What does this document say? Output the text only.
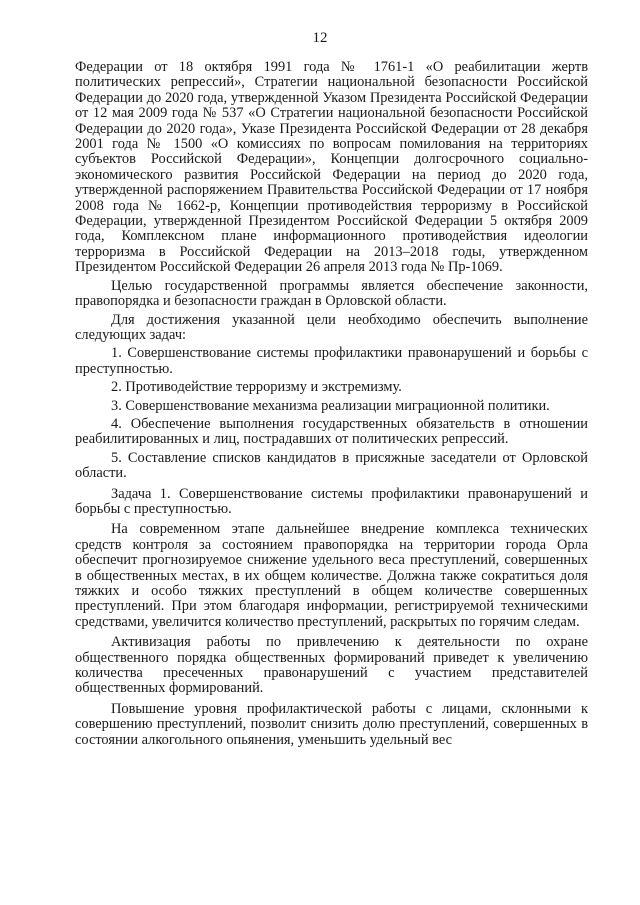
12

Федерации от 18 октября 1991 года № 1761-1 «О реабилитации жертв политических репрессий», Стратегии национальной безопасности Российской Федерации до 2020 года, утвержденной Указом Президента Российской Федерации от 12 мая 2009 года № 537 «О Стратегии национальной безопасности Российской Федерации до 2020 года», Указе Президента Российской Федерации от 28 декабря 2001 года № 1500 «О комиссиях по вопросам помилования на территориях субъектов Российской Федерации», Концепции долгосрочного социально-экономического развития Российской Федерации на период до 2020 года, утвержденной распоряжением Правительства Российской Федерации от 17 ноября 2008 года № 1662-р, Концепции противодействия терроризму в Российской Федерации, утвержденной Президентом Российской Федерации 5 октября 2009 года, Комплексном плане информационного противодействия идеологии терроризма в Российской Федерации на 2013–2018 годы, утвержденном Президентом Российской Федерации 26 апреля 2013 года № Пр-1069.

Целью государственной программы является обеспечение законности, правопорядка и безопасности граждан в Орловской области.

Для достижения указанной цели необходимо обеспечить выполнение следующих задач:

1. Совершенствование системы профилактики правонарушений и борьбы с преступностью.

2. Противодействие терроризму и экстремизму.

3. Совершенствование механизма реализации миграционной политики.

4. Обеспечение выполнения государственных обязательств в отношении реабилитированных и лиц, пострадавших от политических репрессий.

5. Составление списков кандидатов в присяжные заседатели от Орловской области.

Задача 1. Совершенствование системы профилактики правонарушений и борьбы с преступностью.

На современном этапе дальнейшее внедрение комплекса технических средств контроля за состоянием правопорядка на территории города Орла обеспечит прогнозируемое снижение удельного веса преступлений, совершенных в общественных местах, в их общем количестве. Должна также сократиться доля тяжких и особо тяжких преступлений в общем количестве совершенных преступлений. При этом благодаря информации, регистрируемой техническими средствами, увеличится количество преступлений, раскрытых по горячим следам.

Активизация работы по привлечению к деятельности по охране общественного порядка общественных формирований приведет к увеличению количества пресеченных правонарушений с участием представителей общественных формирований.

Повышение уровня профилактической работы с лицами, склонными к совершению преступлений, позволит снизить долю преступлений, совершенных в состоянии алкогольного опьянения, уменьшить удельный вес
